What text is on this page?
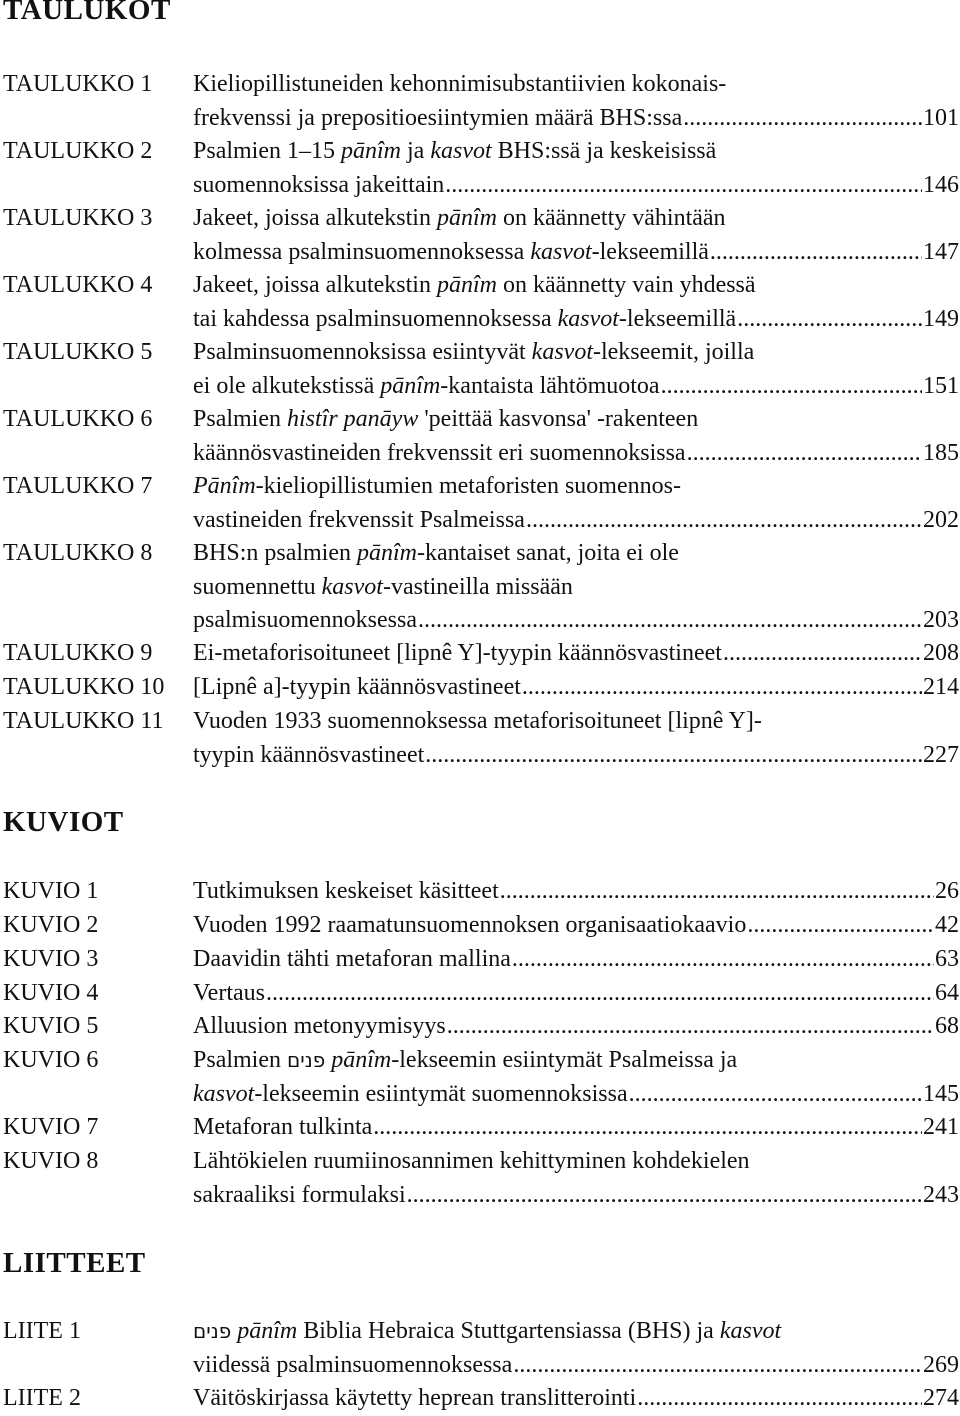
TAULUKOT
TAULUKKO 1 Kieliopillistuneiden kehonnimisubstantiivien kokonais-
frekvenssi ja prepositioesiintymien määrä BHS:ssa .....	101
TAULUKKO 2 Psalmien 1–15 pānîm ja kasvot BHS:ssä ja keskeisissä
suomennoksissa jakeittain .....	146
TAULUKKO 3 Jakeet, joissa alkutekstin pānîm on käännetty vähintään
kolmessa psalminsuomennoksessa kasvot-lekseemillä .....	147
TAULUKKO 4 Jakeet, joissa alkutekstin pānîm on käännetty vain yhdessä
tai kahdessa psalminsuomennoksessa kasvot-lekseemillä .....	149
TAULUKKO 5 Psalminsuomennoksissa esiintyvät kasvot-lekseemit, joilla
ei ole alkutekstissä pānîm-kantaista lähtömuotoa .....	151
TAULUKKO 6 Psalmien histîr panāyw 'peittää kasvonsa' -rakenteen
käännösvastineiden frekvenssit eri suomennoksissa .....	185
TAULUKKO 7 Pānîm-kieliopillistumien metaforisten suomennos-
vastineiden frekvenssit Psalmeissa .....	202
TAULUKKO 8 BHS:n psalmien pānîm-kantaiset sanat, joita ei ole
suomennettu kasvot-vastineilla missään
psalmisuomennoksessa .....	203
TAULUKKO 9 Ei-metaforisoituneet [lipnê Y]-tyypin käännösvastineet .....	208
TAULUKKO 10 [Lipnê a]-tyypin käännösvastineet .....	214
TAULUKKO 11 Vuoden 1933 suomennoksessa metaforisoituneet [lipnê Y]-
tyypin käännösvastineet .....	227
KUVIOT
KUVIO 1	Tutkimuksen keskeiset käsitteet .....	26
KUVIO 2	Vuoden 1992 raamatunsuomennoksen organisaatiokaavio .....	42
KUVIO 3	Daavidin tähti metaforan mallina .....	63
KUVIO 4	Vertaus .....	64
KUVIO 5	Alluusion metonyymisyys .....	68
KUVIO 6	Psalmien פנים pānîm-lekseemin esiintymät Psalmeissa ja
kasvot-lekseemin esiintymät suomennoksissa .....	145
KUVIO 7	Metaforan tulkinta .....	241
KUVIO 8	Lähtökielen ruumiinosannimen kehittyminen kohdekielen
sakraaliksi formulaksi .....	243
LIITTEET
LIITE 1	פנים pānîm Biblia Hebraica Stuttgartensiassa (BHS) ja kasvot
viidessä psalminsuomennoksessa .....	269
LIITE 2	Väitöskirjassa käytetty heprean translitterointi .....	274
